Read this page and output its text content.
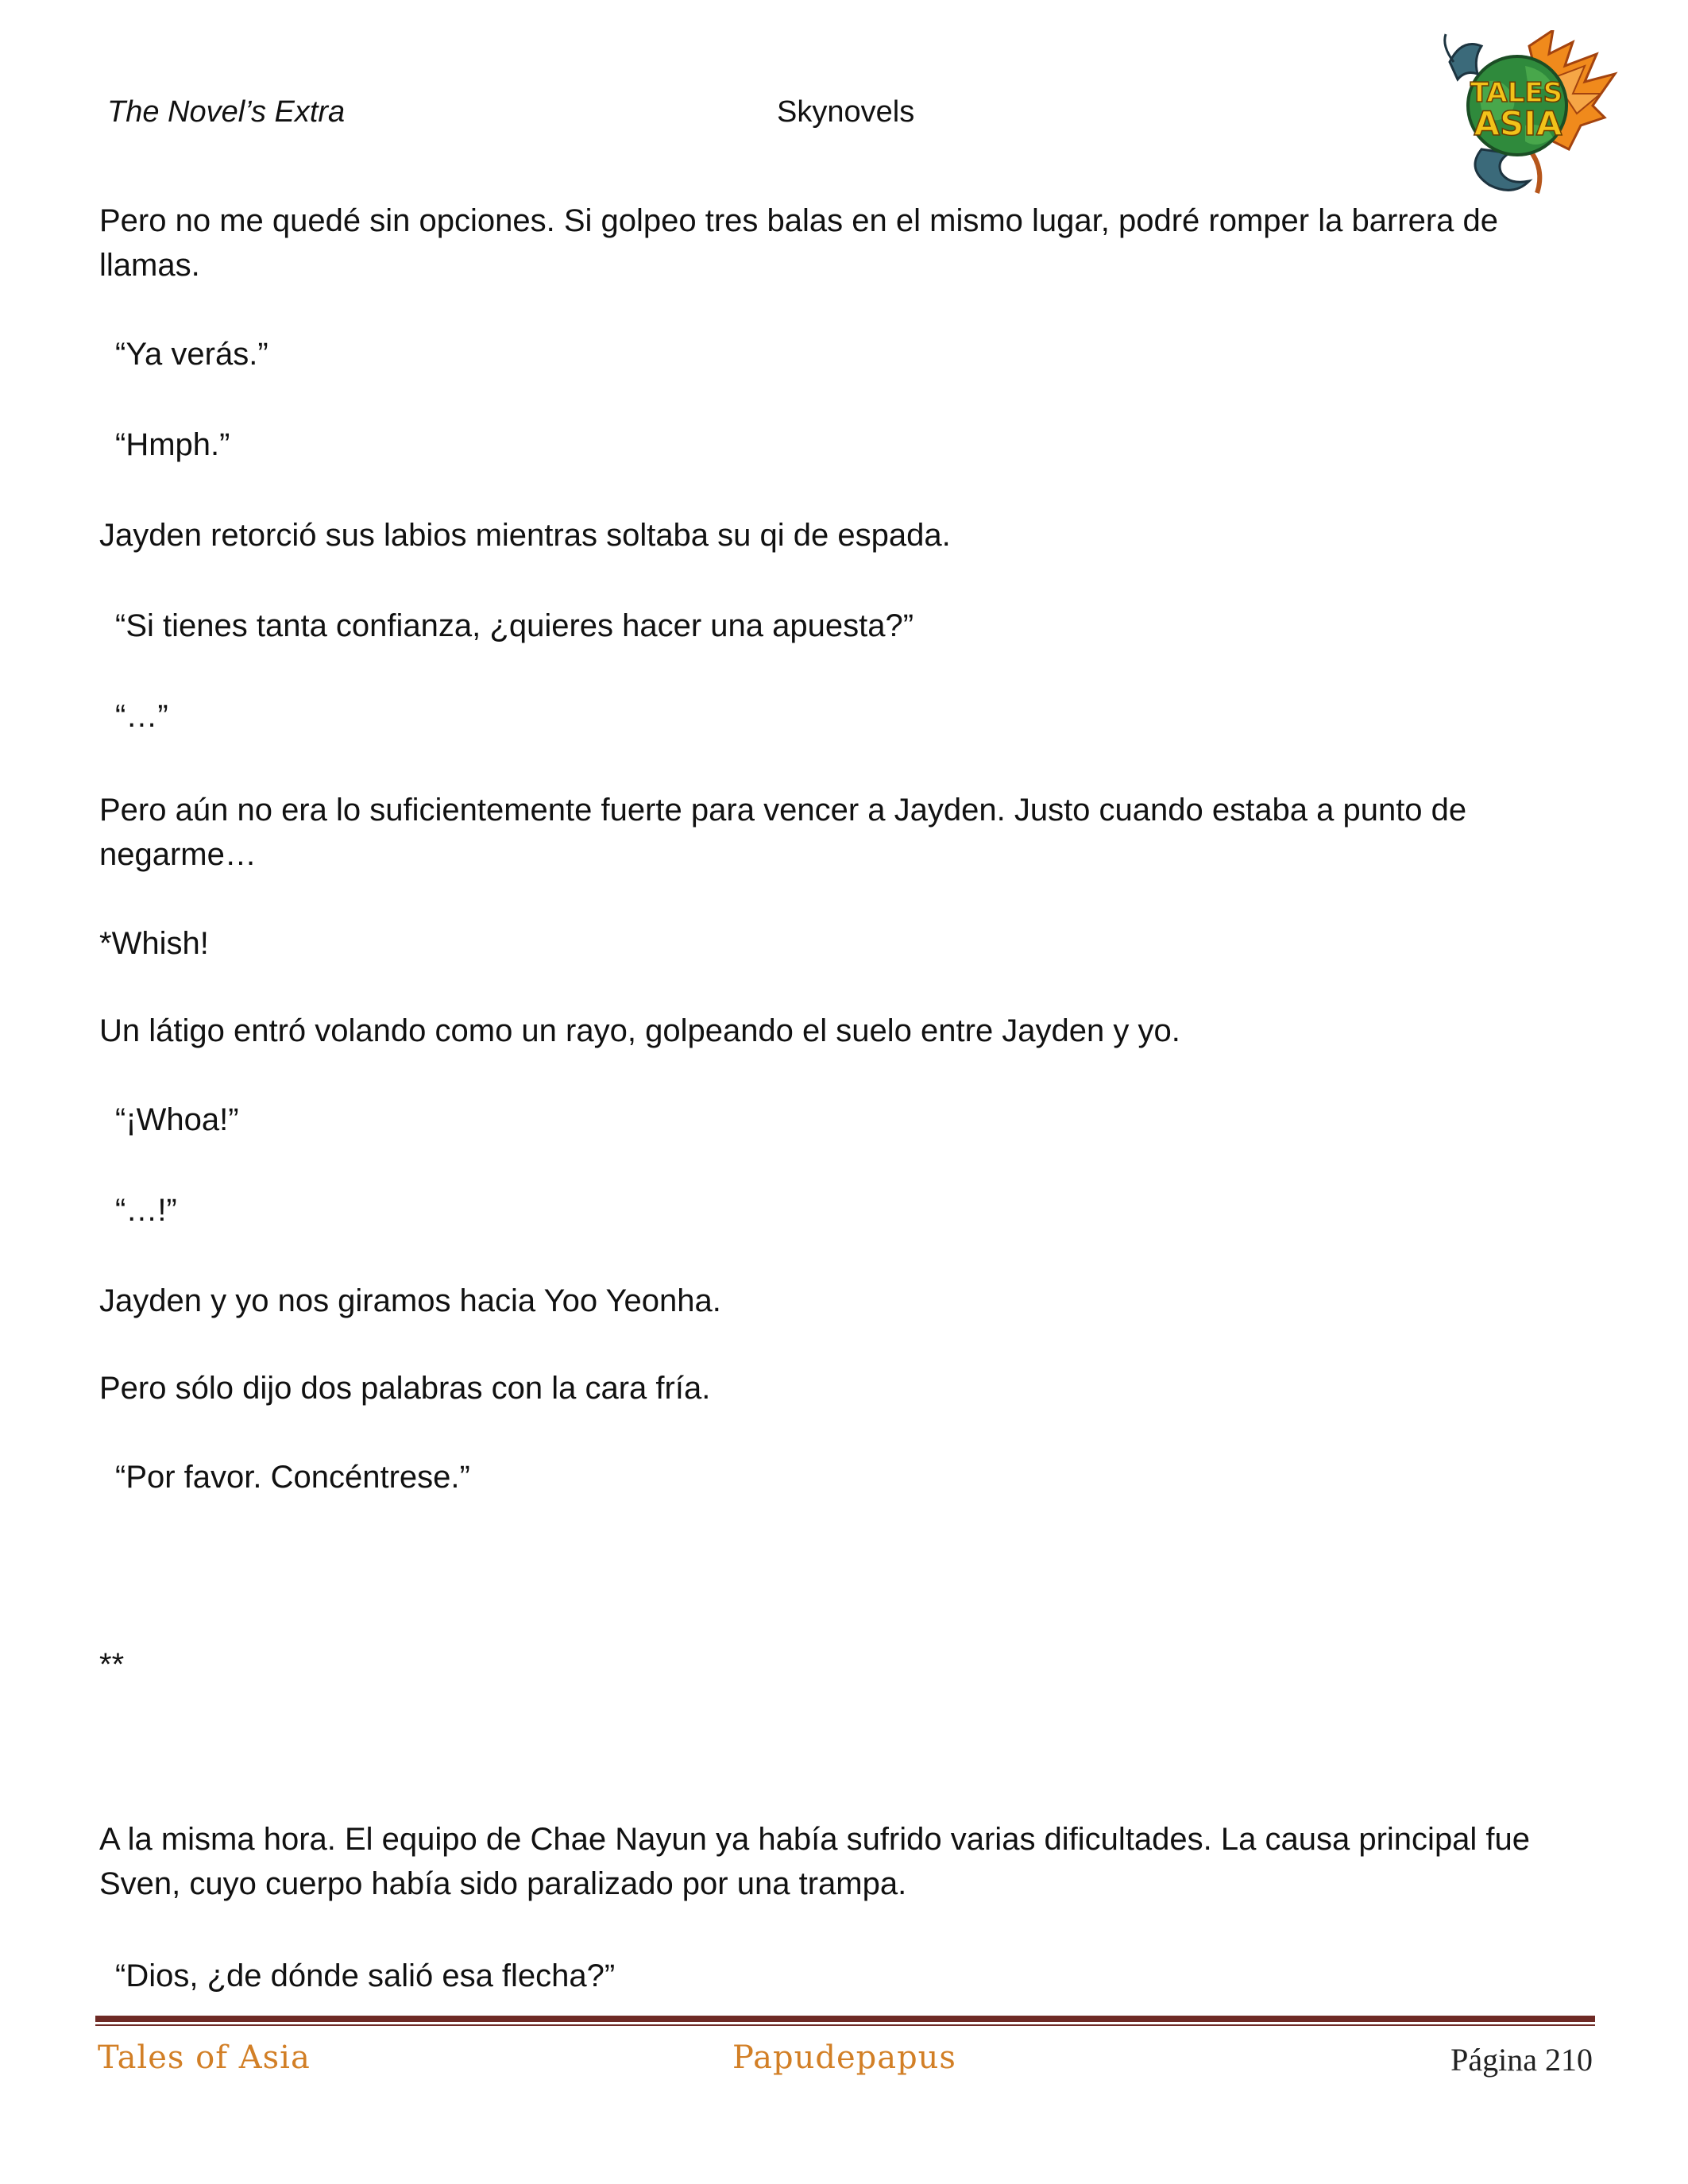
The Novel’s Extra	Skynovels
TALES
ASIA

Pero no me quedé sin opciones. Si golpeo tres balas en el mismo lugar, podré romper la barrera de llamas.

“Ya verás.”

“Hmph.”

Jayden retorció sus labios mientras soltaba su qi de espada.

“Si tienes tanta confianza, ¿quieres hacer una apuesta?”

“…”

Pero aún no era lo suficientemente fuerte para vencer a Jayden. Justo cuando estaba a punto de negarme…

*Whish!

Un látigo entró volando como un rayo, golpeando el suelo entre Jayden y yo.

“¡Whoa!”

“…!”

Jayden y yo nos giramos hacia Yoo Yeonha.

Pero sólo dijo dos palabras con la cara fría.

“Por favor. Concéntrese.”

**

A la misma hora. El equipo de Chae Nayun ya había sufrido varias dificultades. La causa principal fue Sven, cuyo cuerpo había sido paralizado por una trampa.

“Dios, ¿de dónde salió esa flecha?”

Tales of Asia	Papudepapus	Página 210
